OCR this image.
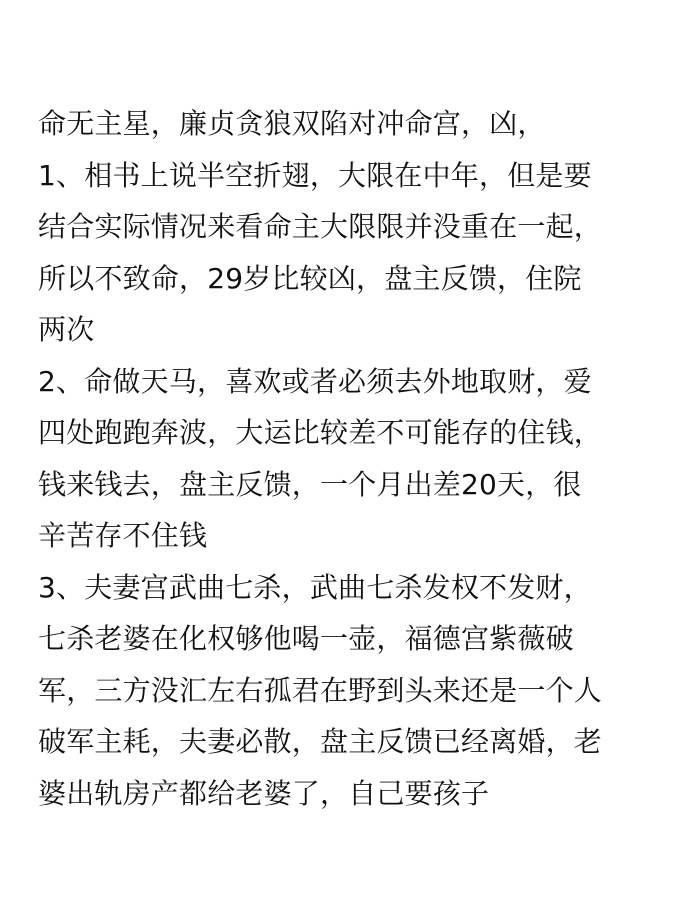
命无主星，廉贞贪狼双陷对冲命宫，凶，
1、相书上说半空折翅，大限在中年，但是要
结合实际情况来看命主大限限并没重在一起，
所以不致命，29岁比较凶，盘主反馈，住院
两次
2、命做天马，喜欢或者必须去外地取财，爱
四处跑跑奔波，大运比较差不可能存的住钱，
钱来钱去，盘主反馈，一个月出差20天，很
辛苦存不住钱
3、夫妻宫武曲七杀，武曲七杀发权不发财，
七杀老婆在化权够他喝一壶，福德宫紫薇破
军，三方没汇左右孤君在野到头来还是一个人
破军主耗，夫妻必散，盘主反馈已经离婚，老
婆出轨房产都给老婆了，自己要孩子
